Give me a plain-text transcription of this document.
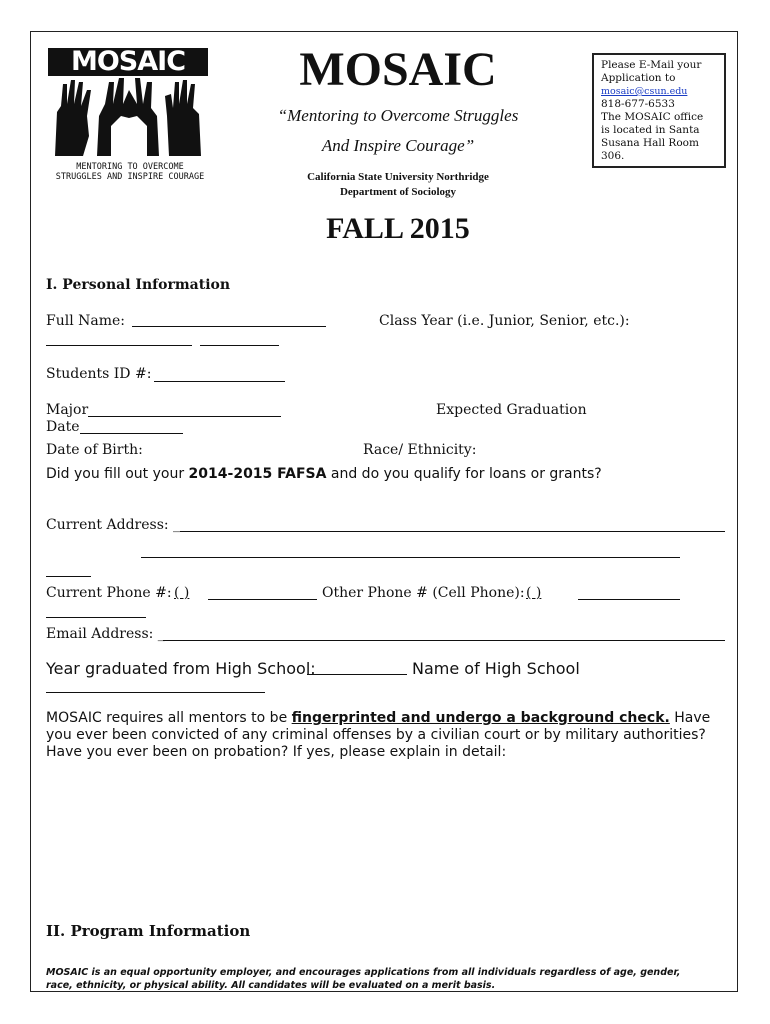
MOSAIC
MENTORING TO OVERCOME
STRUGGLES AND INSPIRE COURAGE
MOSAIC
“Mentoring to Overcome Struggles
And Inspire Courage”
California State University Northridge
Department of Sociology
FALL 2015
Please E-Mail your
Application to
mosaic@csun.edu
818-677-6533
The MOSAIC office
is located in Santa
Susana Hall Room
306.
I. Personal Information
Full Name:	Class Year (i.e. Junior, Senior, etc.):
Students ID #:
Major	Expected Graduation
Date
Date of Birth:	Race/ Ethnicity:
Did you fill out your 2014-2015 FAFSA and do you qualify for loans or grants?
Current Address: _
Current Phone #: ( )	Other Phone # (Cell Phone): ( )
Email Address: _
Year graduated from High School:	Name of High School
MOSAIC requires all mentors to be fingerprinted and undergo a background check. Have
you ever been convicted of any criminal offenses by a civilian court or by military authorities?
Have you ever been on probation? If yes, please explain in detail:
II. Program Information
MOSAIC is an equal opportunity employer, and encourages applications from all individuals regardless of age, gender,
race, ethnicity, or physical ability. All candidates will be evaluated on a merit basis.
